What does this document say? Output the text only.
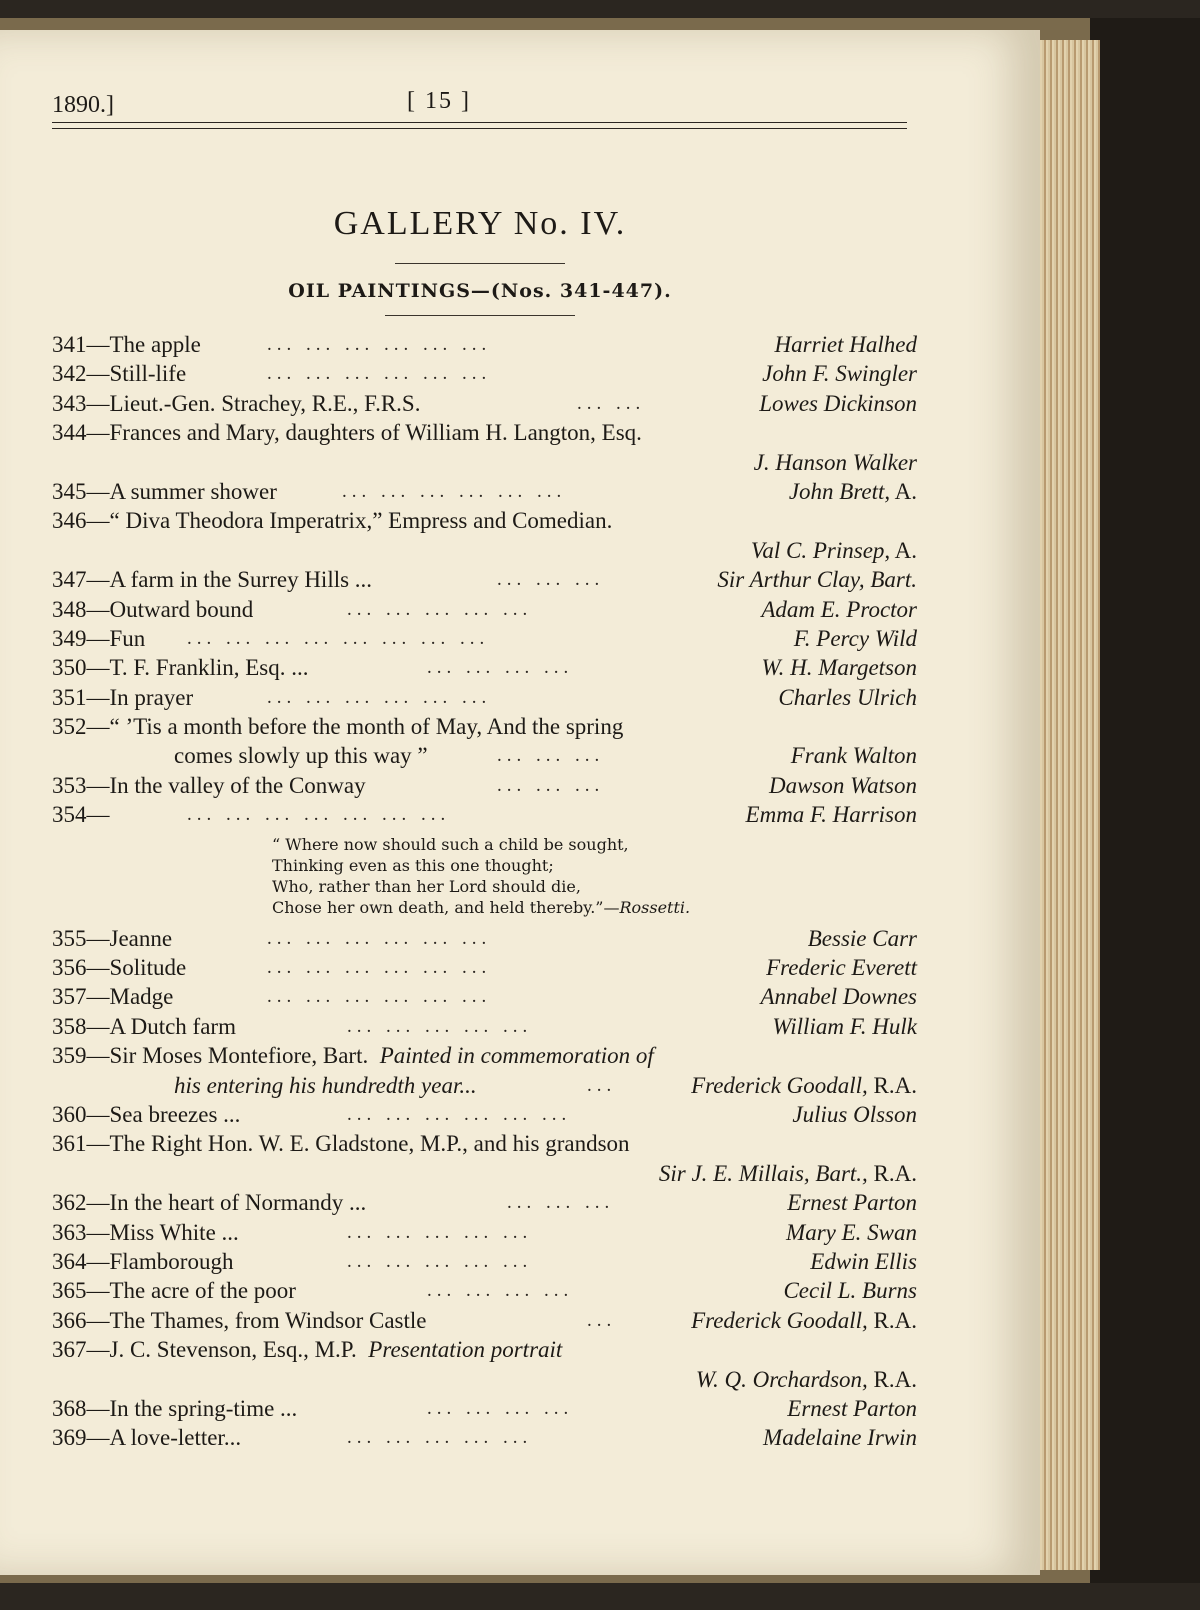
1890.]	[ 15 ]
GALLERY No. IV.
OIL PAINTINGS—(Nos. 341-447).
341—The apple	... ... ... ... ... ...	Harriet Halhed
342—Still-life	... ... ... ... ... ...	John F. Swingler
343—Lieut.-Gen. Strachey, R.E., F.R.S.	... ...	Lowes Dickinson
344—Frances and Mary, daughters of William H. Langton, Esq.
J. Hanson Walker
345—A summer shower	... ... ... ... ... ...	John Brett, A.
346—“ Diva Theodora Imperatrix,” Empress and Comedian.
Val C. Prinsep, A.
347—A farm in the Surrey Hills ...	... ... ...	Sir Arthur Clay, Bart.
348—Outward bound	... ... ... ... ...	Adam E. Proctor
349—Fun ... ... ... ... ... ... ... ...	F. Percy Wild
350—T. F. Franklin, Esq. ...	... ... ... ...	W. H. Margetson
351—In prayer	... ... ... ... ... ...	Charles Ulrich
352—“ ’Tis a month before the month of May, And the spring
comes slowly up this way ”	... ... ...	Frank Walton
353—In the valley of the Conway	... ... ...	Dawson Watson
354—	... ... ... ... ... ... ...	Emma F. Harrison
“ Where now should such a child be sought,
Thinking even as this one thought;
Who, rather than her Lord should die,
Chose her own death, and held thereby.”—Rossetti.
355—Jeanne	... ... ... ... ... ...	Bessie Carr
356—Solitude	... ... ... ... ... ...	Frederic Everett
357—Madge	... ... ... ... ... ...	Annabel Downes
358—A Dutch farm	... ... ... ... ...	William F. Hulk
359—Sir Moses Montefiore, Bart. Painted in commemoration of
his entering his hundredth year...	...	Frederick Goodall, R.A.
360—Sea breezes ...	... ... ... ... ... ...	Julius Olsson
361—The Right Hon. W. E. Gladstone, M.P., and his grandson
Sir J. E. Millais, Bart., R.A.
362—In the heart of Normandy ...	... ... ...	Ernest Parton
363—Miss White ...	... ... ... ... ...	Mary E. Swan
364—Flamborough	... ... ... ... ...	Edwin Ellis
365—The acre of the poor	... ... ... ...	Cecil L. Burns
366—The Thames, from Windsor Castle	...	Frederick Goodall, R.A.
367—J. C. Stevenson, Esq., M.P. Presentation portrait
W. Q. Orchardson, R.A.
368—In the spring-time ...	... ... ... ...	Ernest Parton
369—A love-letter...	... ... ... ... ...	Madelaine Irwin
